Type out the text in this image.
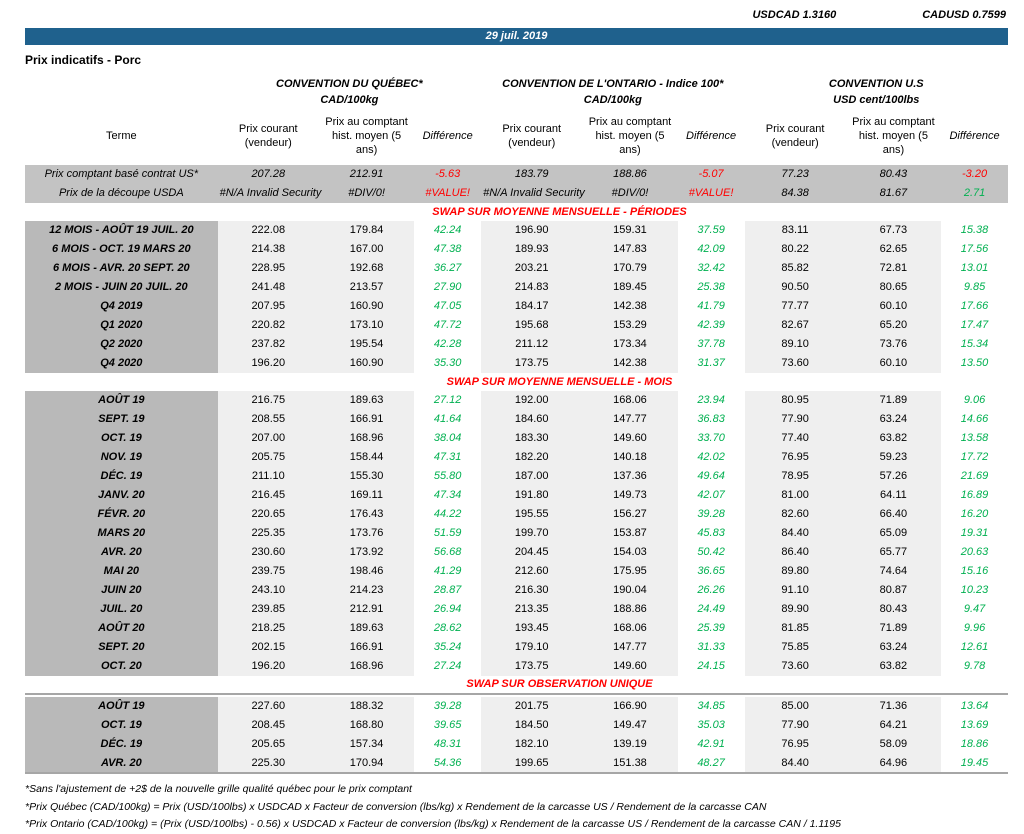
USDCAD 1.3160	CADUSD 0.7599
29 juil. 2019
Prix indicatifs - Porc
	CONVENTION DU QUÉBEC*			CONVENTION DE L'ONTARIO - Indice 100*			CONVENTION U.S		
	CAD/100kg			CAD/100kg			USD cent/100lbs		
Terme	Prix courant (vendeur)	Prix au comptant hist. moyen (5 ans)	Différence	Prix courant (vendeur)	Prix au comptant hist. moyen (5 ans)	Différence	Prix courant (vendeur)	Prix au comptant hist. moyen (5 ans)	Différence
Prix comptant basé contrat US*	207.28	212.91	-5.63	183.79	188.86	-5.07	77.23	80.43	-3.20
Prix de la découpe USDA	#N/A Invalid Security	#DIV/0!	#VALUE!	#N/A Invalid Security	#DIV/0!	#VALUE!	84.38	81.67	2.71
SWAP SUR MOYENNE MENSUELLE - PÉRIODES									
12 MOIS - AOÛT 19 JUIL. 20	222.08	179.84	42.24	196.90	159.31	37.59	83.11	67.73	15.38
6 MOIS - OCT. 19 MARS 20	214.38	167.00	47.38	189.93	147.83	42.09	80.22	62.65	17.56
6 MOIS - AVR. 20 SEPT. 20	228.95	192.68	36.27	203.21	170.79	32.42	85.82	72.81	13.01
2 MOIS - JUIN 20 JUIL. 20	241.48	213.57	27.90	214.83	189.45	25.38	90.50	80.65	9.85
Q4 2019	207.95	160.90	47.05	184.17	142.38	41.79	77.77	60.10	17.66
Q1 2020	220.82	173.10	47.72	195.68	153.29	42.39	82.67	65.20	17.47
Q2 2020	237.82	195.54	42.28	211.12	173.34	37.78	89.10	73.76	15.34
Q4 2020	196.20	160.90	35.30	173.75	142.38	31.37	73.60	60.10	13.50
SWAP SUR MOYENNE MENSUELLE - MOIS									
AOÛT 19	216.75	189.63	27.12	192.00	168.06	23.94	80.95	71.89	9.06
SEPT. 19	208.55	166.91	41.64	184.60	147.77	36.83	77.90	63.24	14.66
OCT. 19	207.00	168.96	38.04	183.30	149.60	33.70	77.40	63.82	13.58
NOV. 19	205.75	158.44	47.31	182.20	140.18	42.02	76.95	59.23	17.72
DÉC. 19	211.10	155.30	55.80	187.00	137.36	49.64	78.95	57.26	21.69
JANV. 20	216.45	169.11	47.34	191.80	149.73	42.07	81.00	64.11	16.89
FÉVR. 20	220.65	176.43	44.22	195.55	156.27	39.28	82.60	66.40	16.20
MARS 20	225.35	173.76	51.59	199.70	153.87	45.83	84.40	65.09	19.31
AVR. 20	230.60	173.92	56.68	204.45	154.03	50.42	86.40	65.77	20.63
MAI 20	239.75	198.46	41.29	212.60	175.95	36.65	89.80	74.64	15.16
JUIN 20	243.10	214.23	28.87	216.30	190.04	26.26	91.10	80.87	10.23
JUIL. 20	239.85	212.91	26.94	213.35	188.86	24.49	89.90	80.43	9.47
AOÛT 20	218.25	189.63	28.62	193.45	168.06	25.39	81.85	71.89	9.96
SEPT. 20	202.15	166.91	35.24	179.10	147.77	31.33	75.85	63.24	12.61
OCT. 20	196.20	168.96	27.24	173.75	149.60	24.15	73.60	63.82	9.78
SWAP SUR OBSERVATION UNIQUE									

AOÛT 19	227.60	188.32	39.28	201.75	166.90	34.85	85.00	71.36	13.64
OCT. 19	208.45	168.80	39.65	184.50	149.47	35.03	77.90	64.21	13.69
DÉC. 19	205.65	157.34	48.31	182.10	139.19	42.91	76.95	58.09	18.86
AVR. 20	225.30	170.94	54.36	199.65	151.38	48.27	84.40	64.96	19.45
*Sans l'ajustement de +2$ de la nouvelle grille qualité québec pour le prix comptant
*Prix Québec (CAD/100kg) = Prix (USD/100lbs) x USDCAD x Facteur de conversion (lbs/kg) x Rendement de la carcasse US / Rendement de la carcasse CAN
*Prix Ontario (CAD/100kg) = (Prix (USD/100lbs) - 0.56) x USDCAD x Facteur de conversion (lbs/kg) x Rendement de la carcasse US / Rendement de la carcasse CAN / 1.1195
